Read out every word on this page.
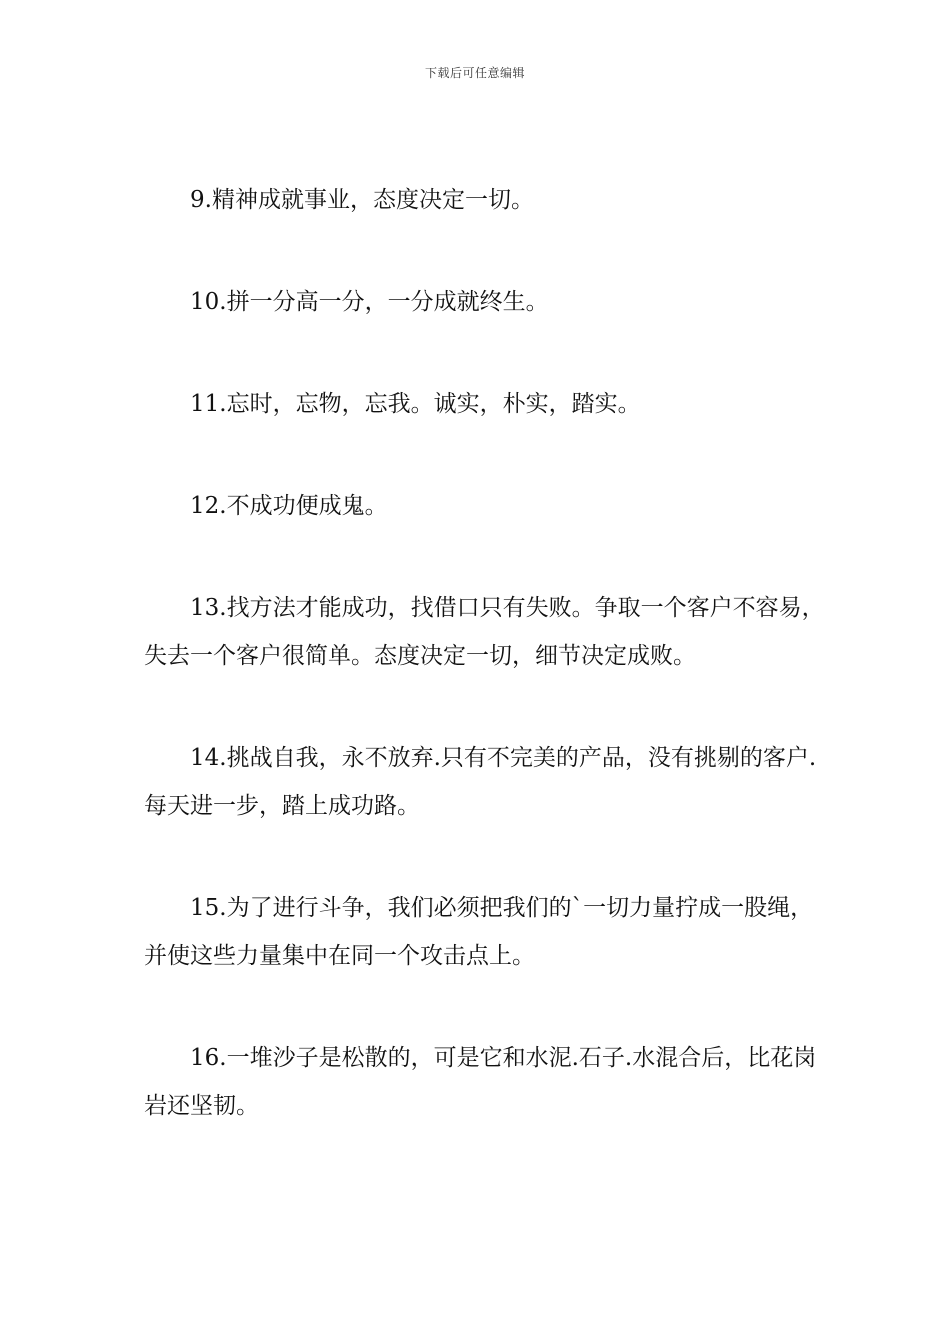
下载后可任意编辑

9.精神成就事业，态度决定一切。

10.拼一分高一分，一分成就终生。

11.忘时，忘物，忘我。诚实，朴实，踏实。

12.不成功便成鬼。

13.找方法才能成功，找借口只有失败。争取一个客户不容易，失去一个客户很简单。态度决定一切，细节决定成败。

14.挑战自我，永不放弃.只有不完美的产品，没有挑剔的客户.每天进一步，踏上成功路。

15.为了进行斗争，我们必须把我们的`一切力量拧成一股绳，并使这些力量集中在同一个攻击点上。

16.一堆沙子是松散的，可是它和水泥.石子.水混合后，比花岗岩还坚韧。
